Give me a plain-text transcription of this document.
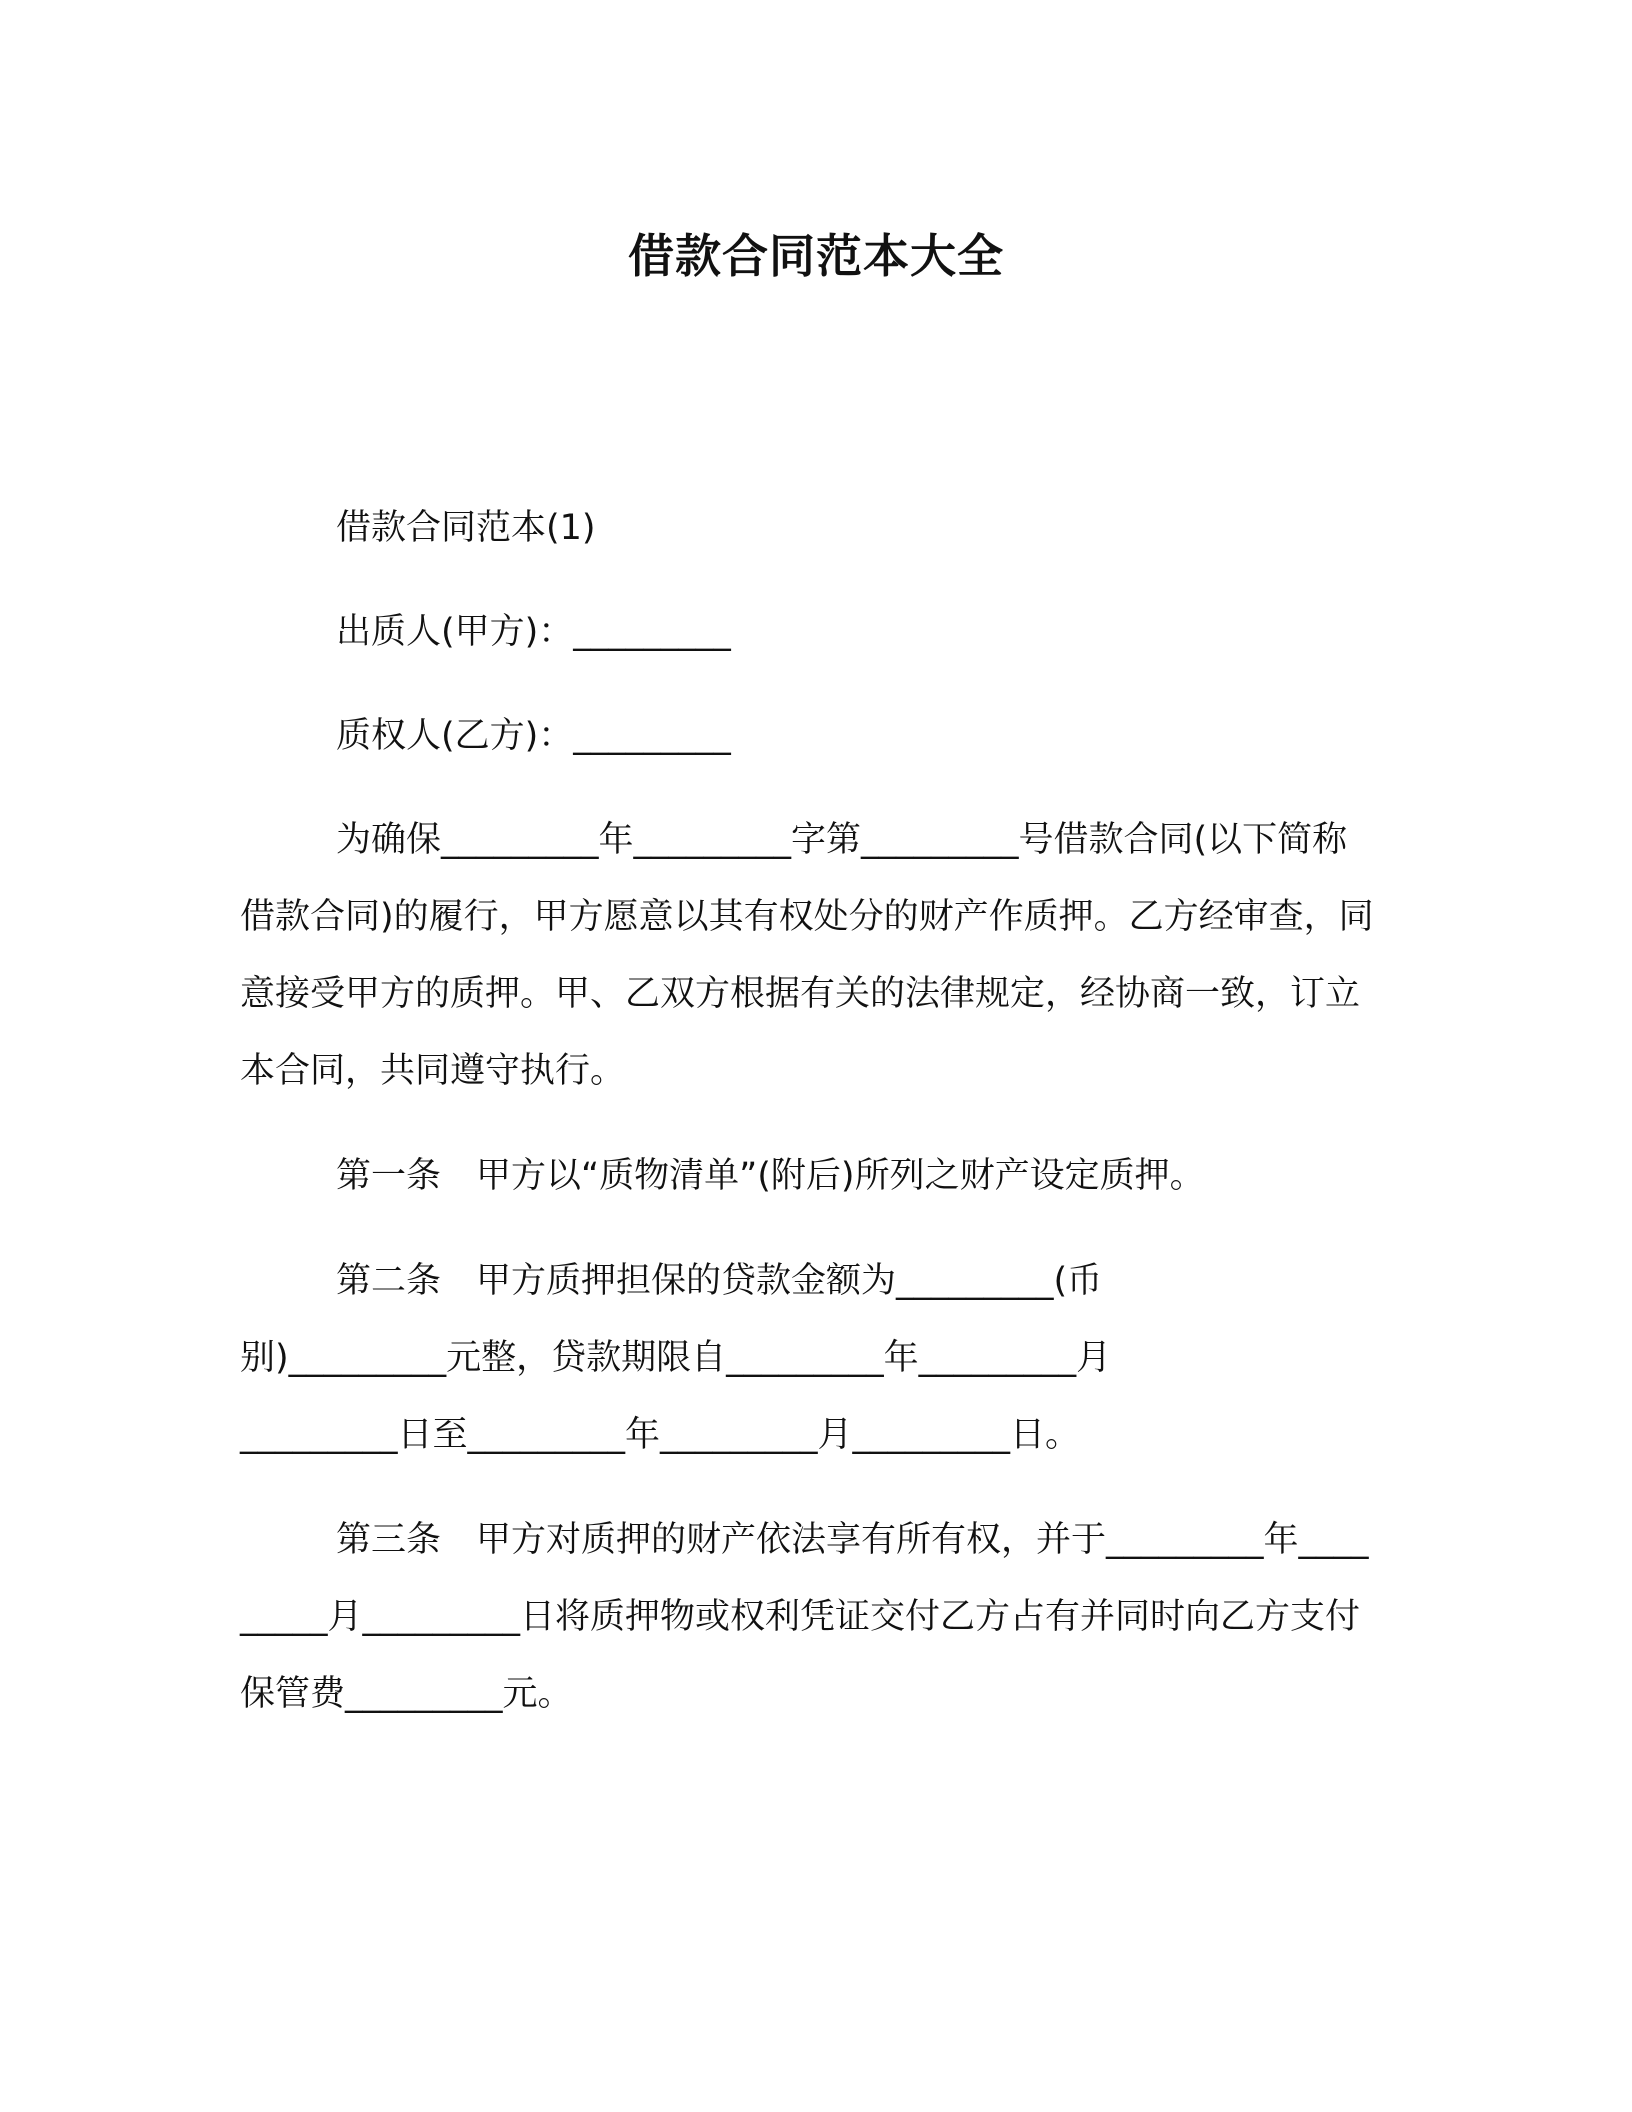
借款合同范本大全

借款合同范本(1)

出质人(甲方)：_________

质权人(乙方)：_________

为确保_________年_________字第_________号借款合同(以下简称借款合同)的履行，甲方愿意以其有权处分的财产作质押。乙方经审查，同意接受甲方的质押。甲、乙双方根据有关的法律规定，经协商一致，订立本合同，共同遵守执行。

第一条　甲方以“质物清单”(附后)所列之财产设定质押。

第二条　甲方质押担保的贷款金额为_________(币

别)_________元整，贷款期限自_________年_________月

_________日至_________年_________月_________日。

第三条　甲方对质押的财产依法享有所有权，并于_________年_________月_________日将质押物或权利凭证交付乙方占有并同时向乙方支付保管费_________元。
